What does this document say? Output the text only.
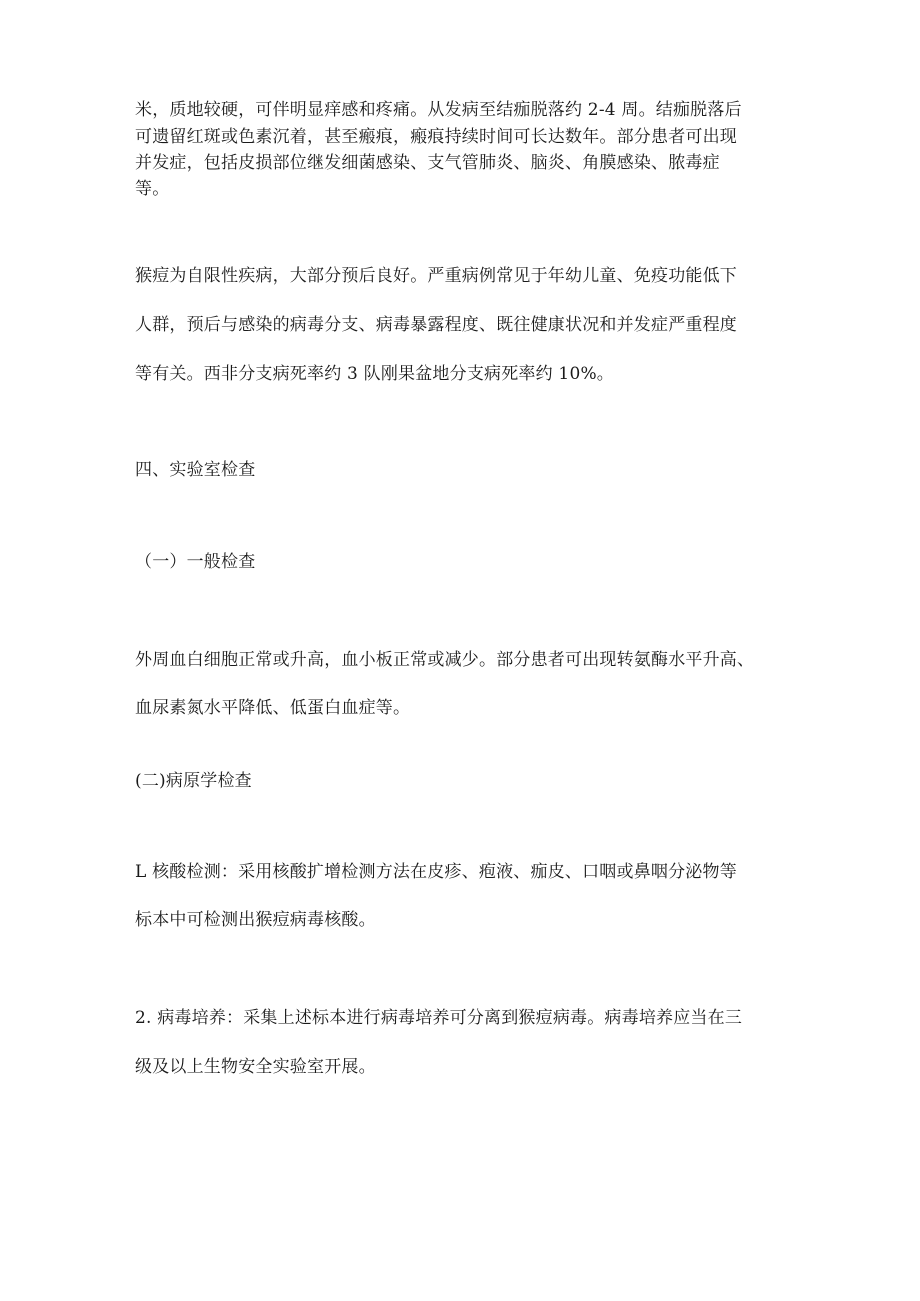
米，质地较硬，可伴明显痒感和疼痛。从发病至结痂脱落约 2-4 周。结痂脱落后
可遗留红斑或色素沉着，甚至瘢痕，瘢痕持续时间可长达数年。部分患者可出现
并发症，包括皮损部位继发细菌感染、支气管肺炎、脑炎、角膜感染、脓毒症
等。
猴痘为自限性疾病，大部分预后良好。严重病例常见于年幼儿童、免疫功能低下
人群，预后与感染的病毒分支、病毒暴露程度、既往健康状况和并发症严重程度
等有关。西非分支病死率约 3 队刚果盆地分支病死率约 10%。
四、实验室检查
（一）一般检查
外周血白细胞正常或升高，血小板正常或减少。部分患者可出现转氨酶水平升高、
血尿素氮水平降低、低蛋白血症等。
(二)病原学检查
L 核酸检测：采用核酸扩增检测方法在皮疹、疱液、痂皮、口咽或鼻咽分泌物等
标本中可检测出猴痘病毒核酸。
2. 病毒培养：采集上述标本进行病毒培养可分离到猴痘病毒。病毒培养应当在三
级及以上生物安全实验室开展。
